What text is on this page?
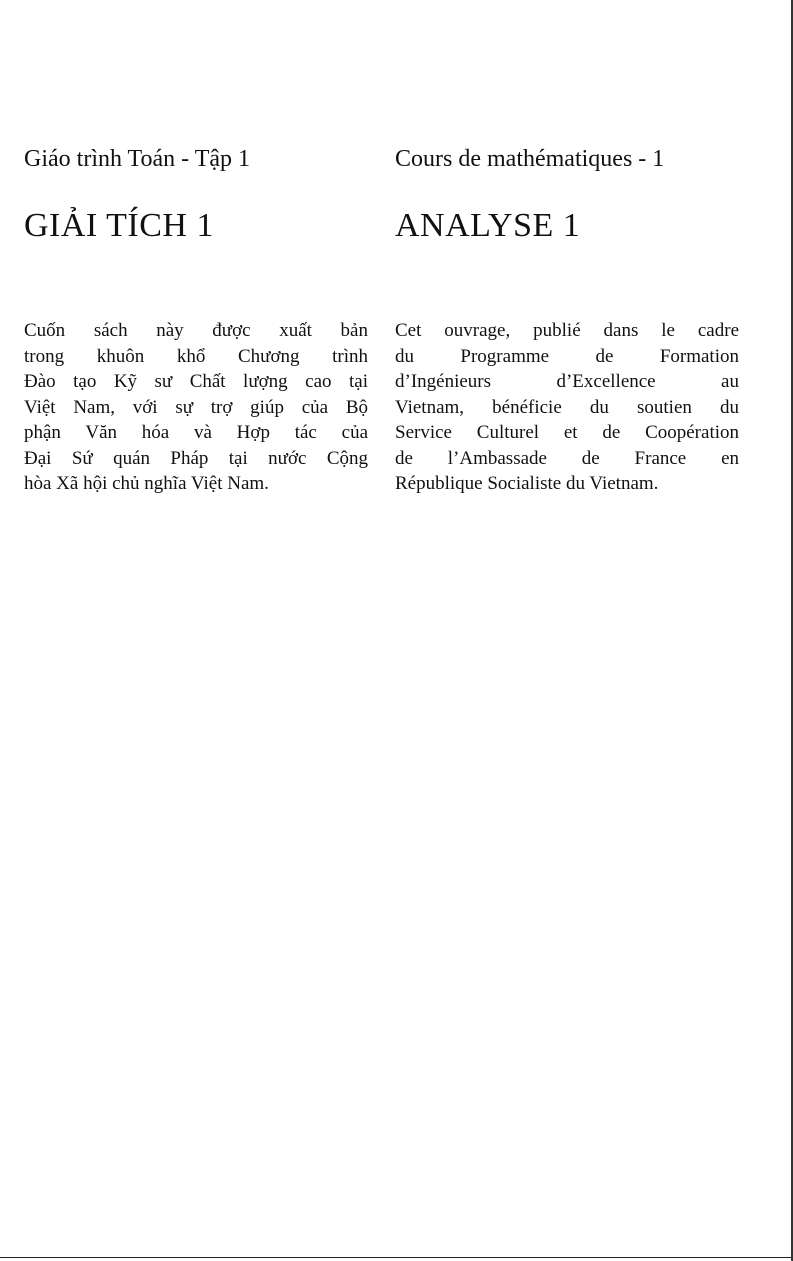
Giáo trình Toán - Tập 1
GIẢI TÍCH 1
Cuốn sách này được xuất bản
trong khuôn khổ Chương trình
Đào tạo Kỹ sư Chất lượng cao tại
Việt Nam, với sự trợ giúp của Bộ
phận Văn hóa và Hợp tác của
Đại Sứ quán Pháp tại nước Cộng
hòa Xã hội chủ nghĩa Việt Nam.
Cours de mathématiques - 1
ANALYSE 1
Cet ouvrage, publié dans le cadre
du Programme de Formation
d’Ingénieurs d’Excellence au
Vietnam, bénéficie du soutien du
Service Culturel et de Coopération
de l’Ambassade de France en
République Socialiste du Vietnam.
